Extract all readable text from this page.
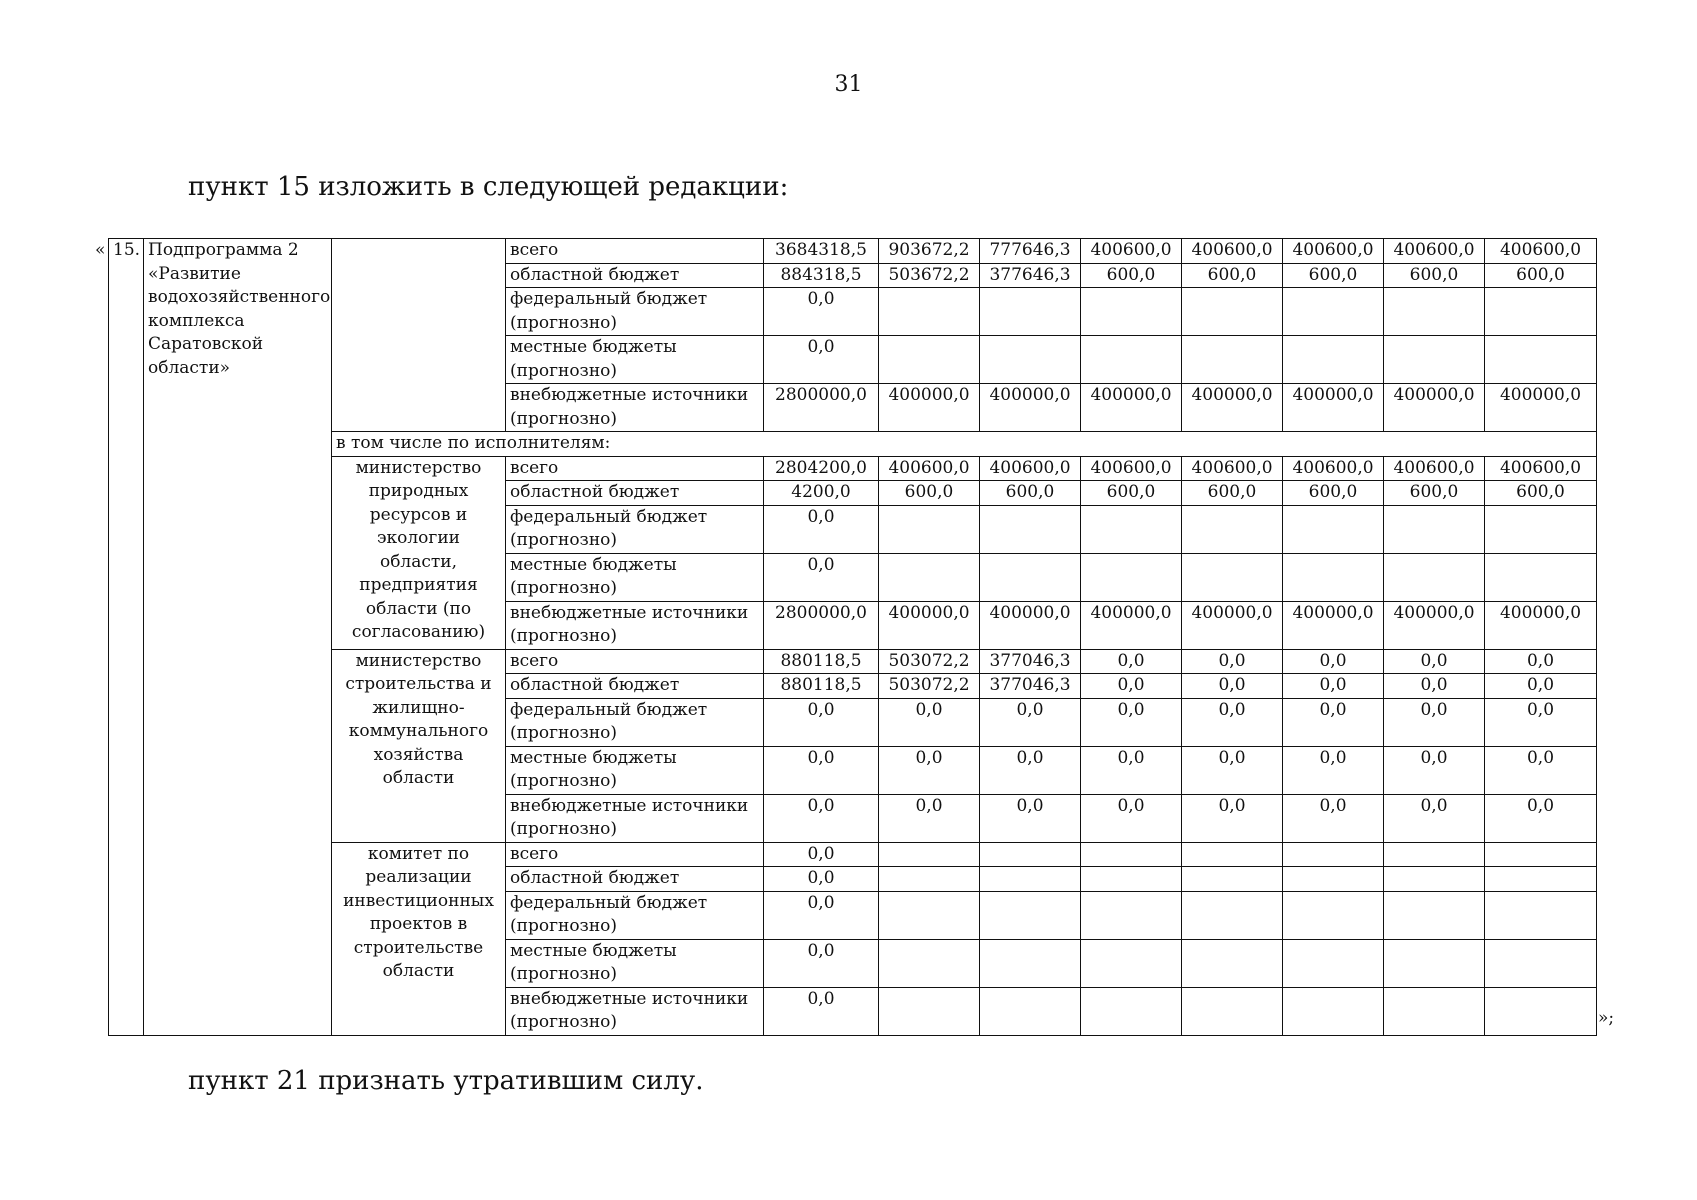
31
пункт 15 изложить в следующей редакции:
« 15.	Подпрограмма 2 «Развитие водохозяйственного комплекса Саратовской области»		всего	3684318,5	903672,2	777646,3	400600,0	400600,0	400600,0	400600,0	400600,0
			областной бюджет	884318,5	503672,2	377646,3	600,0	600,0	600,0	600,0	600,0
			федеральный бюджет (прогнозно)	0,0							
			местные бюджеты (прогнозно)	0,0							
			внебюджетные источники (прогнозно)	2800000,0	400000,0	400000,0	400000,0	400000,0	400000,0	400000,0	400000,0
		в том числе по исполнителям:									
		министерство природных ресурсов и экологии области, предприятия области (по согласованию)	всего	2804200,0	400600,0	400600,0	400600,0	400600,0	400600,0	400600,0	400600,0
			областной бюджет	4200,0	600,0	600,0	600,0	600,0	600,0	600,0	600,0
			федеральный бюджет (прогнозно)	0,0							
			местные бюджеты (прогнозно)	0,0							
			внебюджетные источники (прогнозно)	2800000,0	400000,0	400000,0	400000,0	400000,0	400000,0	400000,0	400000,0
		министерство строительства и жилищно-коммунального хозяйства области	всего	880118,5	503072,2	377046,3	0,0	0,0	0,0	0,0	0,0
			областной бюджет	880118,5	503072,2	377046,3	0,0	0,0	0,0	0,0	0,0
			федеральный бюджет (прогнозно)	0,0	0,0	0,0	0,0	0,0	0,0	0,0	0,0
			местные бюджеты (прогнозно)	0,0	0,0	0,0	0,0	0,0	0,0	0,0	0,0
			внебюджетные источники (прогнозно)	0,0	0,0	0,0	0,0	0,0	0,0	0,0	0,0
		комитет по реализации инвестиционных проектов в строительстве области	всего	0,0							
			областной бюджет	0,0							
			федеральный бюджет (прогнозно)	0,0							
			местные бюджеты (прогнозно)	0,0							
			внебюджетные источники (прогнозно)	0,0							
»;
пункт 21 признать утратившим силу.
